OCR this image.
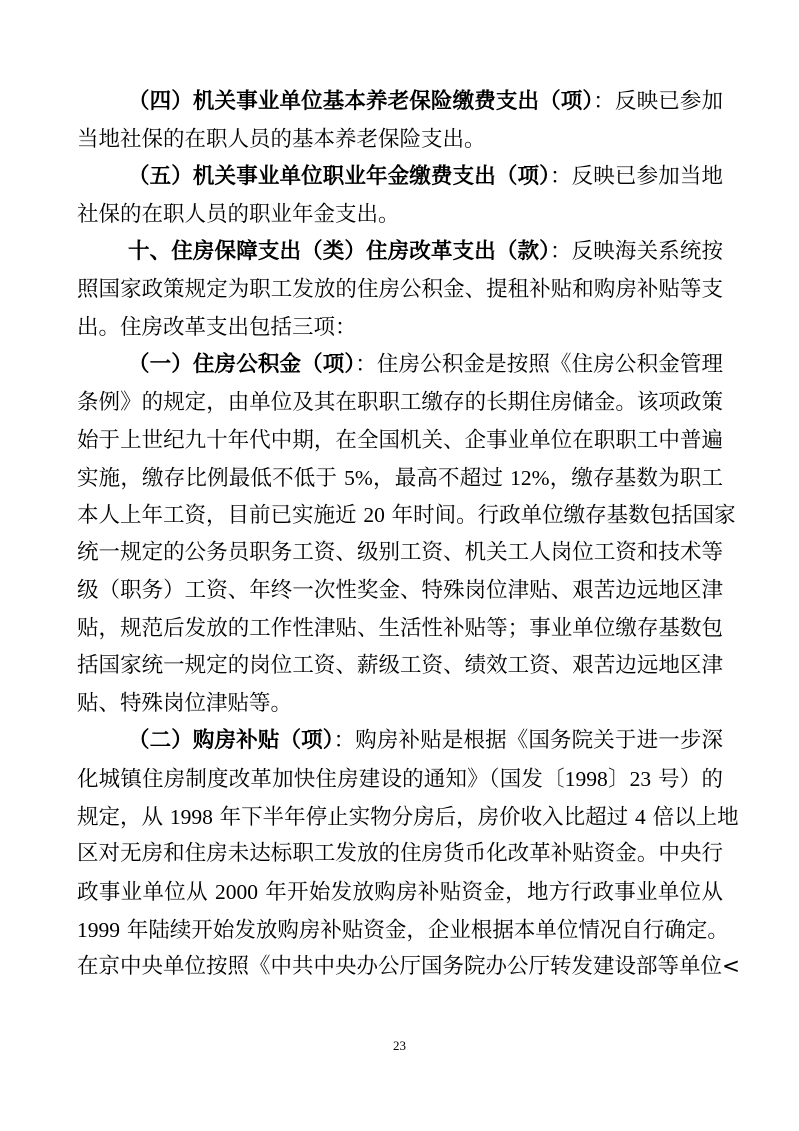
（四）机关事业单位基本养老保险缴费支出（项）：反映已参加
当地社保的在职人员的基本养老保险支出。
（五）机关事业单位职业年金缴费支出（项）：反映已参加当地
社保的在职人员的职业年金支出。
十、住房保障支出（类）住房改革支出（款）：反映海关系统按
照国家政策规定为职工发放的住房公积金、提租补贴和购房补贴等支
出。住房改革支出包括三项：
（一）住房公积金（项）：住房公积金是按照《住房公积金管理
条例》的规定，由单位及其在职职工缴存的长期住房储金。该项政策
始于上世纪九十年代中期，在全国机关、企事业单位在职职工中普遍
实施，缴存比例最低不低于 5%，最高不超过 12%，缴存基数为职工
本人上年工资，目前已实施近 20 年时间。行政单位缴存基数包括国家
统一规定的公务员职务工资、级别工资、机关工人岗位工资和技术等
级（职务）工资、年终一次性奖金、特殊岗位津贴、艰苦边远地区津
贴，规范后发放的工作性津贴、生活性补贴等；事业单位缴存基数包
括国家统一规定的岗位工资、薪级工资、绩效工资、艰苦边远地区津
贴、特殊岗位津贴等。
（二）购房补贴（项）：购房补贴是根据《国务院关于进一步深
化城镇住房制度改革加快住房建设的通知》（国发〔1998〕23 号）的
规定，从 1998 年下半年停止实物分房后，房价收入比超过 4 倍以上地
区对无房和住房未达标职工发放的住房货币化改革补贴资金。中央行
政事业单位从 2000 年开始发放购房补贴资金，地方行政事业单位从
1999 年陆续开始发放购房补贴资金，企业根据本单位情况自行确定。
在京中央单位按照《中共中央办公厅国务院办公厅转发建设部等单位<
23
